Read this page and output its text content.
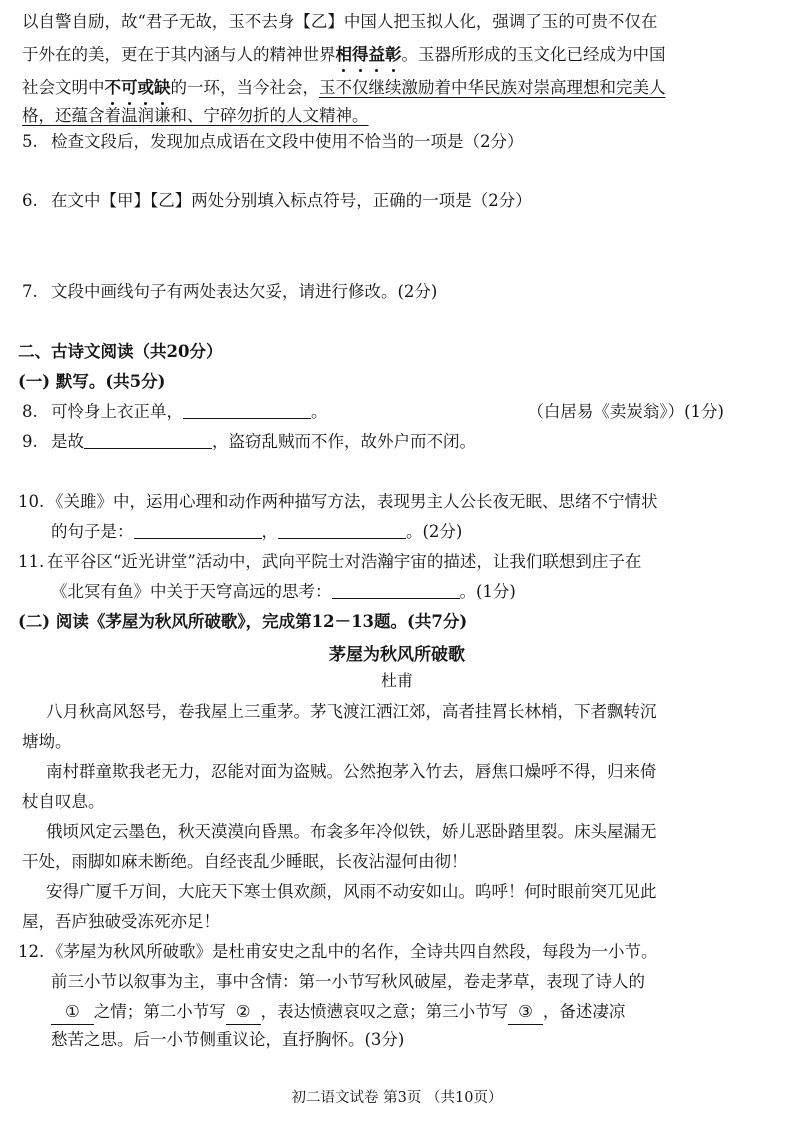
以自警自励，故“君子无故，玉不去身【乙】中国人把玉拟人化，强调了玉的可贵不仅在
于外在的美，更在于其内涵与人的精神世界相得益彰。玉器所形成的玉文化已经成为中国
社会文明中不可或缺的一环，当今社会，玉不仅继续激励着中华民族对崇高理想和完美人
格，还蕴含着温润谦和、宁碎勿折的人文精神。
5. 检查文段后，发现加点成语在文段中使用不恰当的一项是（2分）
6. 在文中【甲】【乙】两处分别填入标点符号，正确的一项是（2分）
7. 文段中画线句子有两处表达欠妥，请进行修改。(2分)
二、古诗文阅读（共20分）
(一) 默写。(共5分)
8. 可怜身上衣正单，	。	（白居易《卖炭翁》）(1分)
9. 是故	，盗窃乱贼而不作，故外户而不闭。
10. 《关雎》中，运用心理和动作两种描写方法，表现男主人公长夜无眠、思绪不宁情状
的句子是：	，	。(2分)
11. 在平谷区“近光讲堂”活动中，武向平院士对浩瀚宇宙的描述，让我们联想到庄子在
《北冥有鱼》中关于天穹高远的思考：	。(1分)
(二) 阅读《茅屋为秋风所破歌》，完成第12－13题。(共7分)
茅屋为秋风所破歌
杜甫
八月秋高风怒号，卷我屋上三重茅。茅飞渡江洒江郊，高者挂罥长林梢，下者飘转沉
塘坳。
南村群童欺我老无力，忍能对面为盗贼。公然抱茅入竹去，唇焦口燥呼不得，归来倚
杖自叹息。
俄顷风定云墨色，秋天漠漠向昏黑。布衾多年冷似铁，娇儿恶卧踏里裂。床头屋漏无
干处，雨脚如麻未断绝。自经丧乱少睡眠，长夜沾湿何由彻！
安得广厦千万间，大庇天下寒士俱欢颜，风雨不动安如山。呜呼！何时眼前突兀见此
屋，吾庐独破受冻死亦足！
12. 《茅屋为秋风所破歌》是杜甫安史之乱中的名作，全诗共四自然段，每段为一小节。
前三小节以叙事为主，事中含情：第一小节写秋风破屋，卷走茅草，表现了诗人的
① 之情；第二小节写 ② ，表达愤懑哀叹之意；第三小节写 ③ ，备述凄凉
愁苦之思。后一小节侧重议论，直抒胸怀。(3分)
初二语文试卷 第3页 （共10页）
